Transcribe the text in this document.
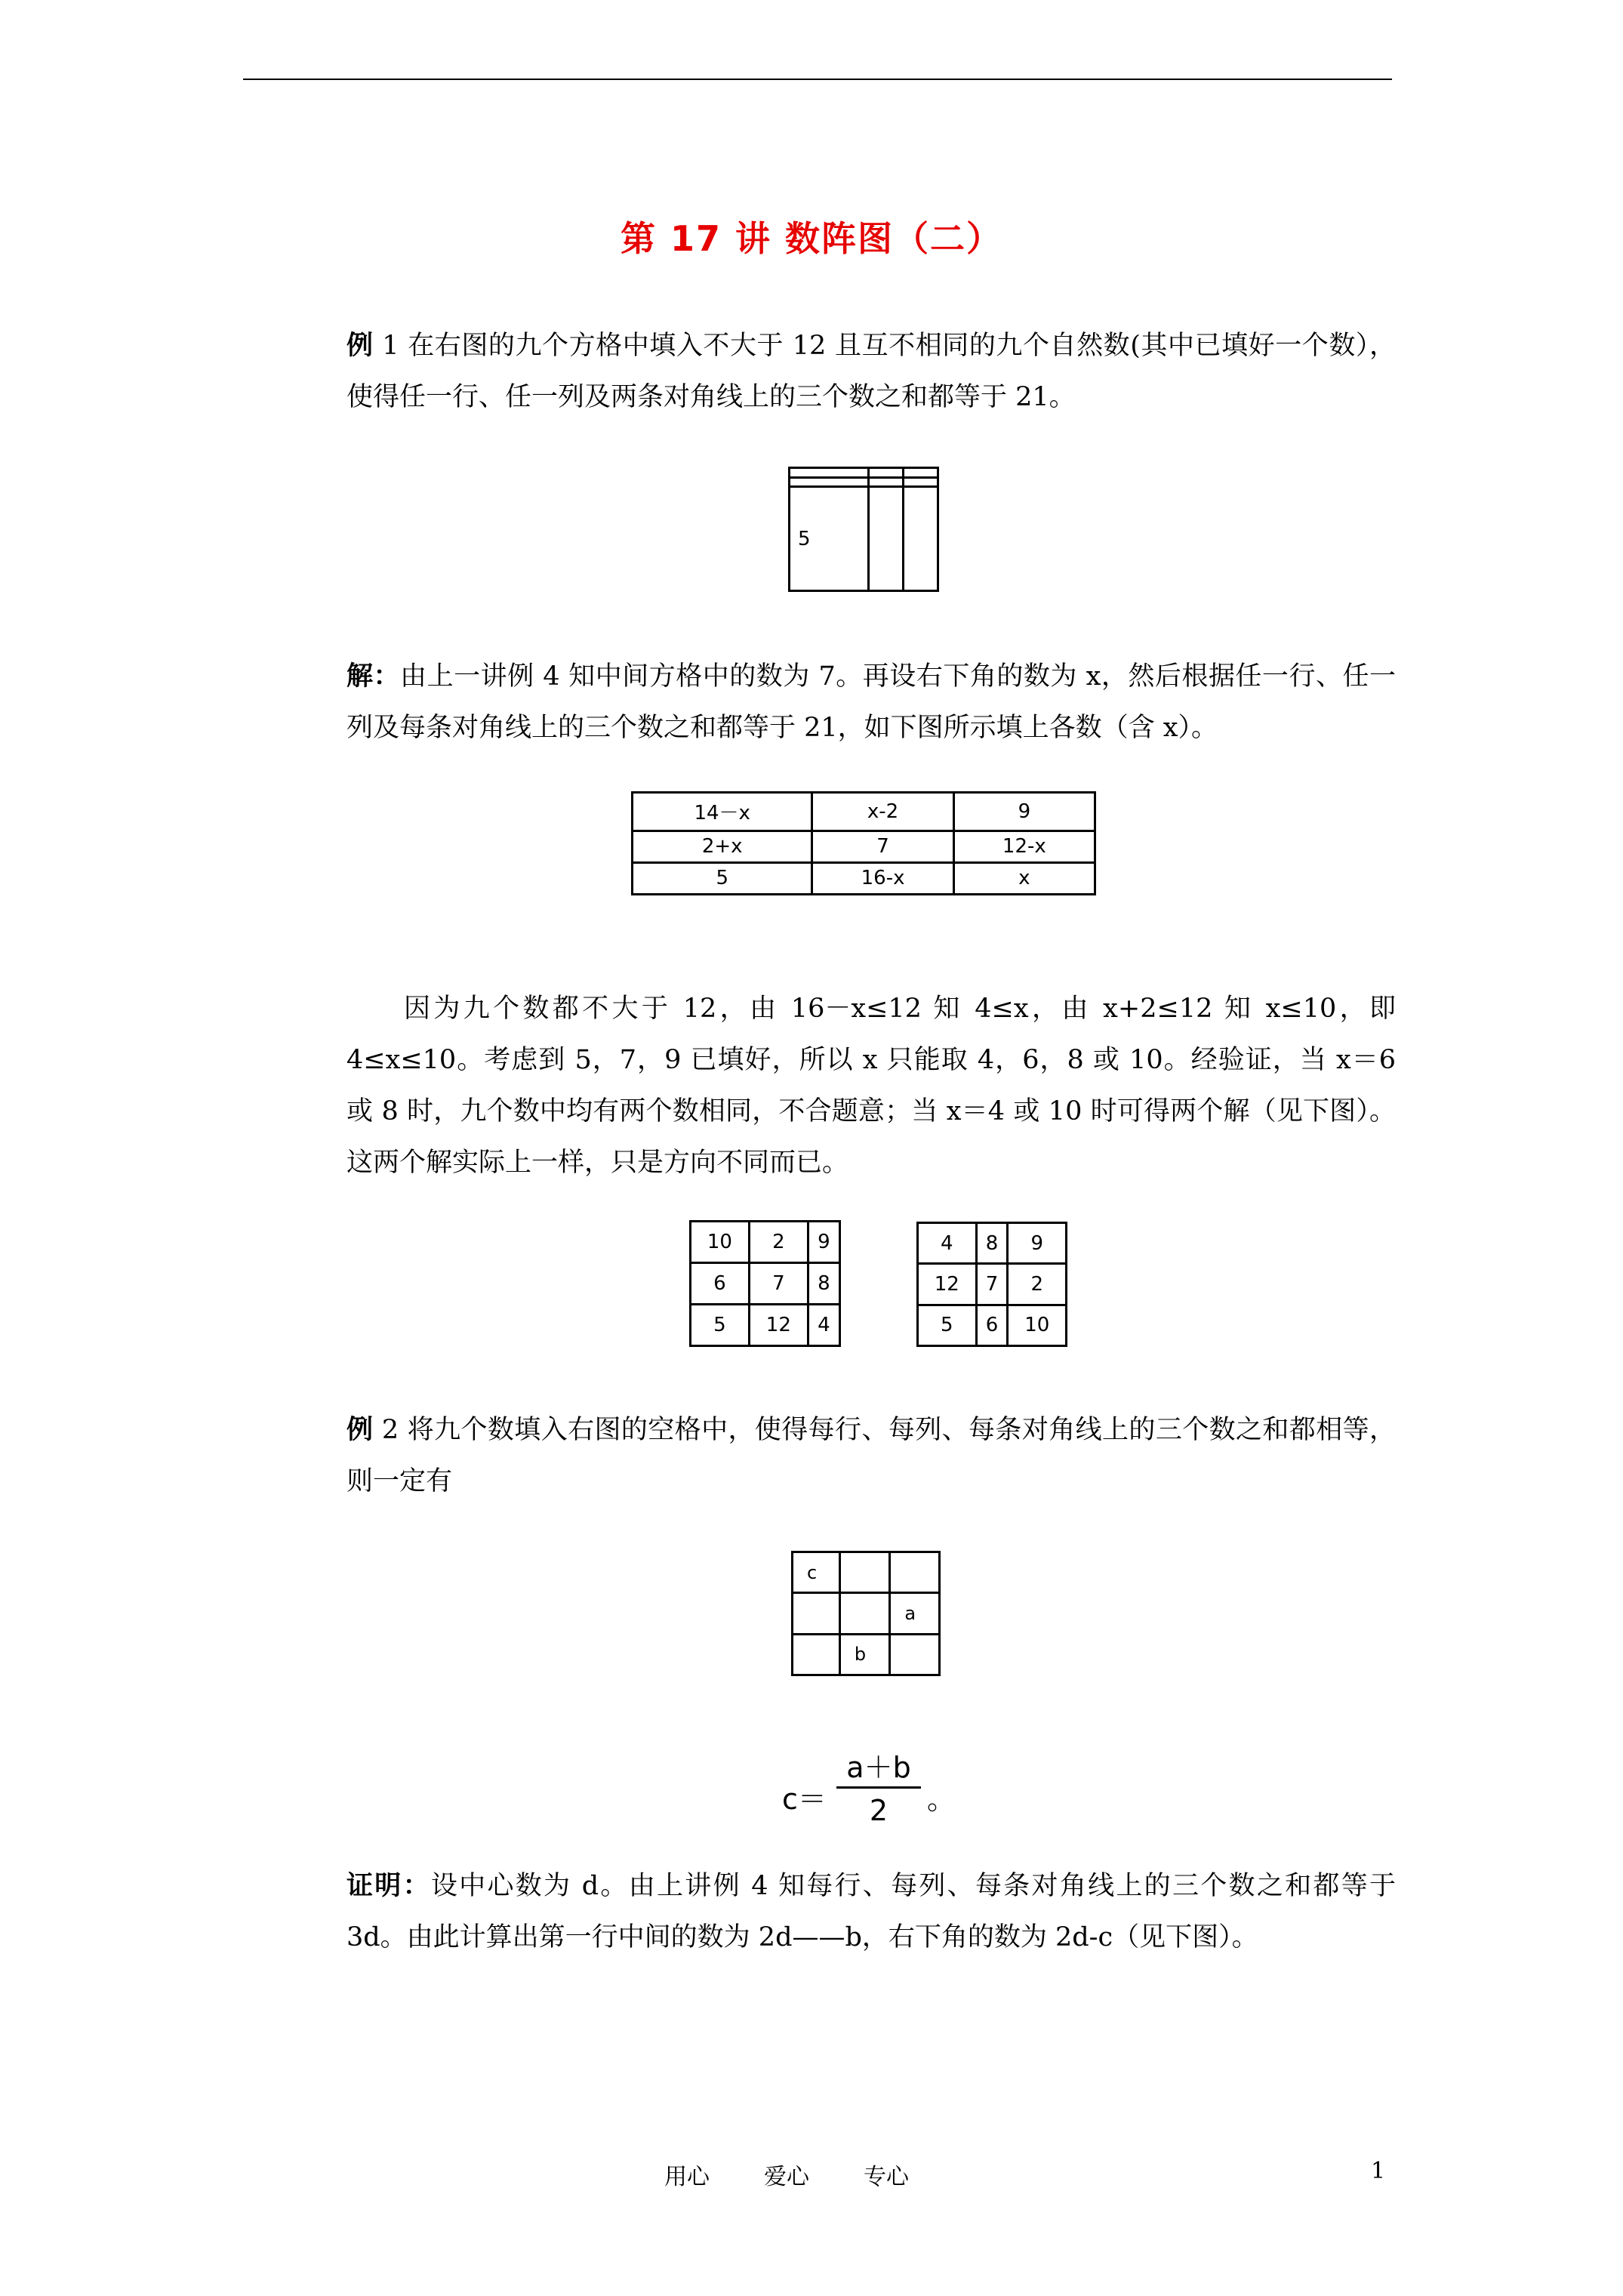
第 17 讲 数阵图（二）
例 1 在右图的九个方格中填入不大于 12 且互不相同的九个自然数(其中已填好一个数），使得任一行、任一列及两条对角线上的三个数之和都等于 21。

5		
解：由上一讲例 4 知中间方格中的数为 7。再设右下角的数为 x，然后根据任一行、任一列及每条对角线上的三个数之和都等于 21，如下图所示填上各数（含 x）。
14－x	x-2	9
2+x	7	12-x
5	16-x	x
因为九个数都不大于 12，由 16－x≤12 知 4≤x，由 x+2≤12 知 x≤10，即 4≤x≤10。考虑到 5，7，9 已填好，所以 x 只能取 4，6，8 或 10。经验证，当 x＝6 或 8 时，九个数中均有两个数相同，不合题意；当 x＝4 或 10 时可得两个解（见下图）。这两个解实际上一样，只是方向不同而已。
10	2	9
6	7	8
5	12	4
4	8	9
12	7	2
5	6	10
例 2 将九个数填入右图的空格中，使得每行、每列、每条对角线上的三个数之和都相等，则一定有
c		
		a
	b	
c＝
a＋b
2	。
证明：设中心数为 d。由上讲例 4 知每行、每列、每条对角线上的三个数之和都等于 3d。由此计算出第一行中间的数为 2d——b，右下角的数为 2d-c（见下图）。
用心 爱心 专心	1
